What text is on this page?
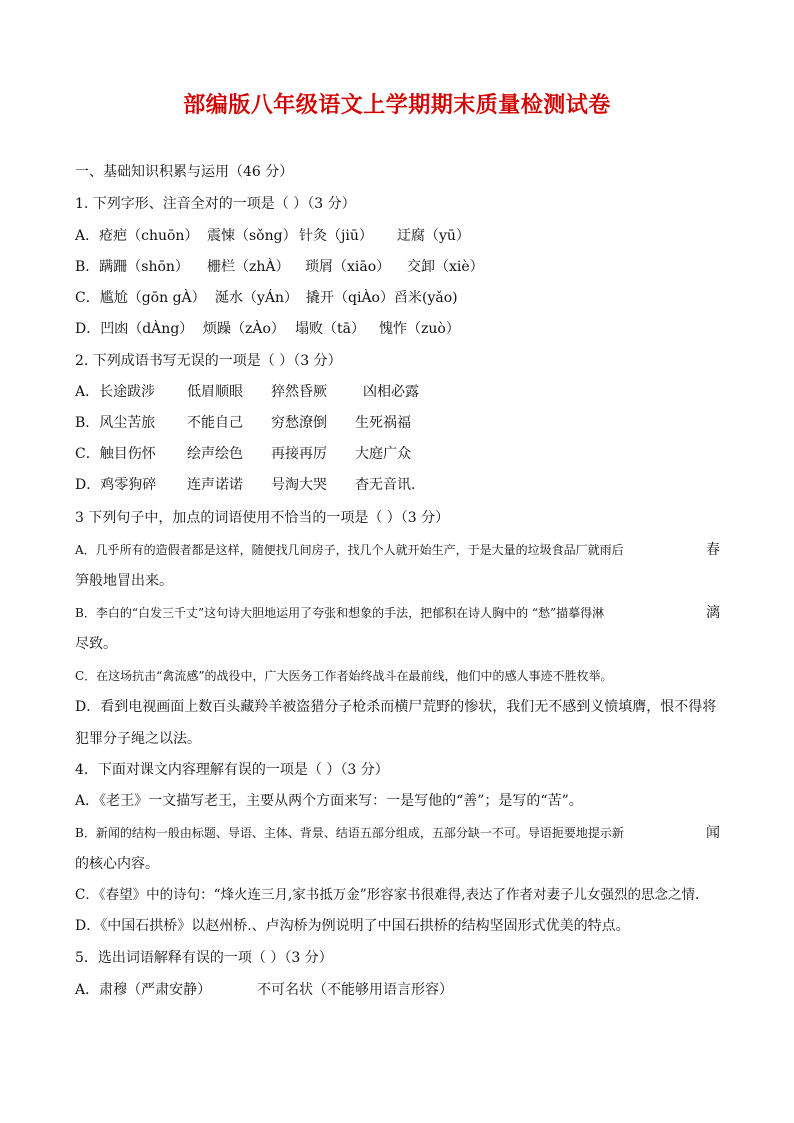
部编版八年级语文上学期期末质量检测试卷
一、基础知识积累与运用（46 分）
1. 下列字形、注音全对的一项是（ ）（3 分）
A．疮疤（chuōn） 震悚（sǒng） 针灸（jiū）	迂腐（yū）
B．蹒跚（shōn）	栅栏（zhÀ）	琐屑（xiāo）	交卸（xiè）
C．尴尬（gōn gÀ） 涎水（yÁn） 撬开（qiÀo） 舀米(yǎo)
D．凹凼（dÀng） 烦躁（zÀo） 塌败（tā）	愧怍（zuò）
2. 下列成语书写无误的一项是（ ）（3 分）
A．长途跋涉	低眉顺眼	猝然昏厥	凶相必露
B．风尘苦旅	不能自己	穷愁潦倒	生死祸福
C．触目伤怀	绘声绘色	再接再厉	大庭广众
D．鸡零狗碎	连声诺诺	号淘大哭	杳无音讯.
3 下列句子中，加点的词语使用不恰当的一项是（ ）（3 分）
A．几乎所有的造假者都是这样，随便找几间房子，找几个人就开始生产，于是大量的垃圾食品厂就雨后	春
笋般地冒出来。
B．李白的“白发三千丈”这句诗大胆地运用了夸张和想象的手法，把郁积在诗人胸中的 “愁”描摹得淋	漓
尽致。
C．在这场抗击“禽流感”的战役中，广大医务工作者始终战斗在最前线，他们中的感人事迹不胜枚举。
D．看到电视画面上数百头藏羚羊被盗猎分子枪杀而横尸荒野的惨状，我们无不感到义愤填膺，恨不得将
犯罪分子绳之以法。
4．下面对课文内容理解有误的一项是（ ）（3 分）
A．《老王》一文描写老王，主要从两个方面来写：一是写他的“善”；是写的“苦”。
B．新闻的结构一般由标题、导语、主体、背景、结语五部分组成，五部分缺一不可。导语扼要地提示新	闻
的核心内容。
C．《春望》中的诗句：“烽火连三月,家书抵万金”形容家书很难得,表达了作者对妻子儿女强烈的思念之情.
D．《中国石拱桥》以赵州桥.、卢沟桥为例说明了中国石拱桥的结构坚固形式优美的特点。
5．选出词语解释有误的一项（ ）（3 分）
A．肃穆（严肃安静）	不可名状（不能够用语言形容）
